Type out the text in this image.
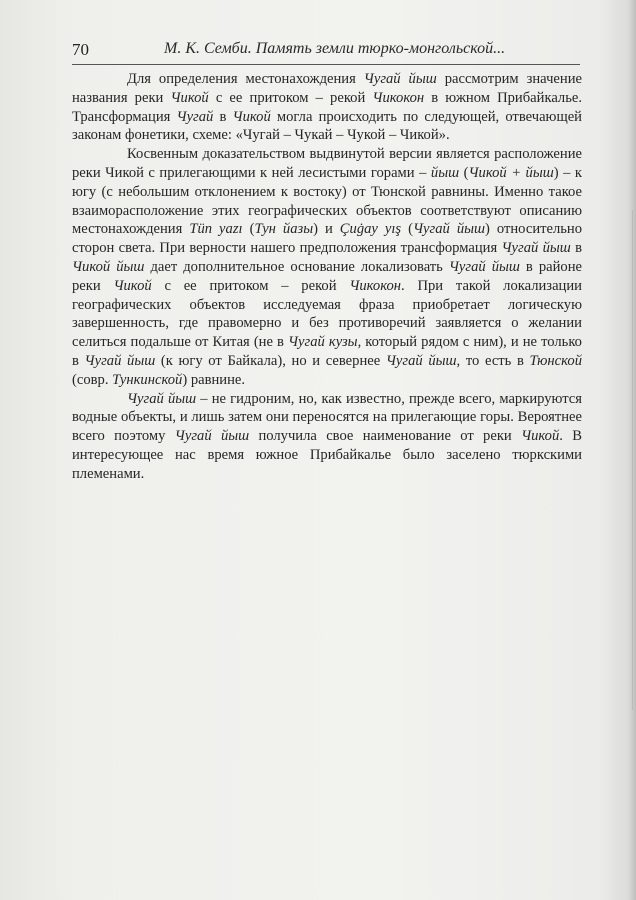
70	М. К. Семби. Память земли тюрко-монгольской...

Для определения местонахождения Чугай йыш рассмотрим значение названия реки Чикой с ее притоком – рекой Чикокон в южном Прибайкалье. Трансформация Чугай в Чикой могла происходить по следующей, отвечающей законам фонетики, схеме: «Чугай – Чукай – Чукой – Чикой».

Косвенным доказательством выдвинутой версии является расположение реки Чикой с прилегающими к ней лесистыми горами – йыш (Чикой + йыш) – к югу (с небольшим отклонением к востоку) от Тюнской равнины. Именно такое взаиморасположение этих географических объектов соответствуют описанию местонахождения Tüп yazı (Тун йазы) и Çuġay yış (Чугай йыш) относительно сторон света. При верности нашего предположения трансформация Чугай йыш в Чикой йыш дает дополнительное основание локализовать Чугай йыш в районе реки Чикой с ее притоком – рекой Чикокон. При такой локализации географических объектов исследуемая фраза приобретает логическую завершенность, где правомерно и без противоречий заявляется о желании селиться подальше от Китая (не в Чугай кузы, который рядом с ним), и не только в Чугай йыш (к югу от Байкала), но и севернее Чугай йыш, то есть в Тюнской (совр. Тункинской) равнине.

Чугай йыш – не гидроним, но, как известно, прежде всего, маркируются водные объекты, и лишь затем они переносятся на прилегающие горы. Вероятнее всего поэтому Чугай йыш получила свое наименование от реки Чикой. В интересующее нас время южное Прибайкалье было заселено тюркскими племенами.
